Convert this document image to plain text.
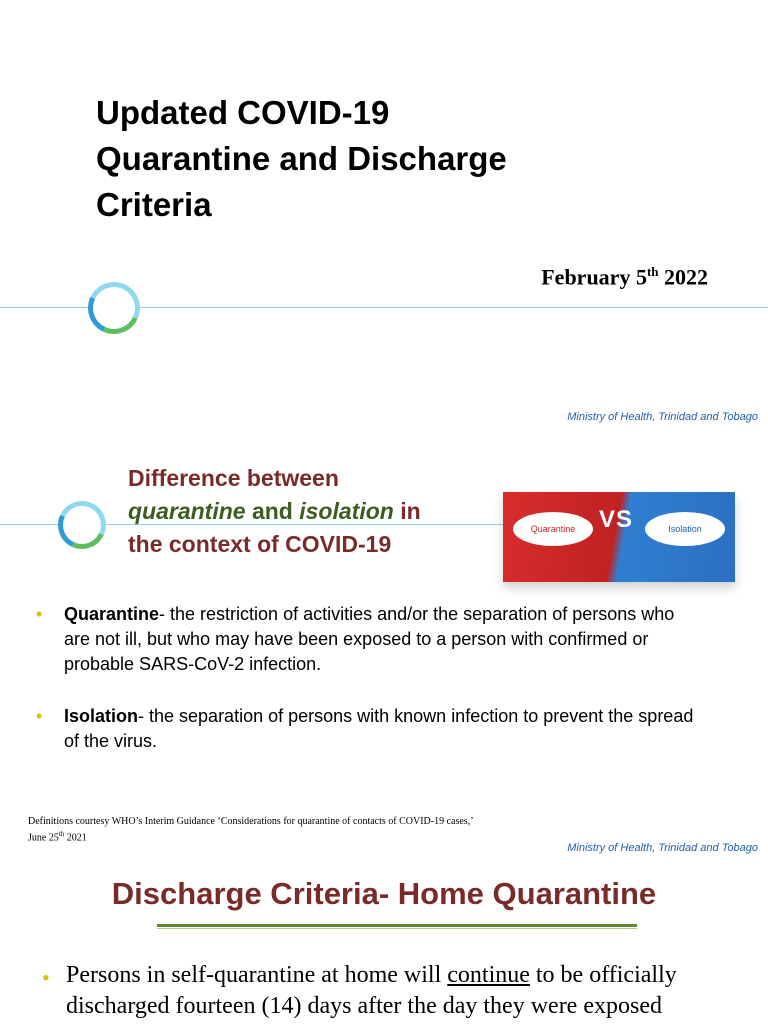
Updated COVID-19
Quarantine and Discharge
Criteria
February 5th 2022
Ministry of Health, Trinidad and Tobago
Difference between
quarantine and isolation in
the context of COVID-19
Quarantine VS	Isolation
• Quarantine- the restriction of activities and/or the separation of persons who are not ill, but who may have been exposed to a person with confirmed or probable SARS-CoV-2 infection.
• Isolation- the separation of persons with known infection to prevent the spread of the virus.
Definitions courtesy WHO’s Interim Guidance ‘Considerations for quarantine of contacts of COVID-19 cases,’
June 25th 2021
Ministry of Health, Trinidad and Tobago
Discharge Criteria- Home Quarantine
• Persons in self-quarantine at home will continue to be officially discharged fourteen (14) days after the day they were exposed
